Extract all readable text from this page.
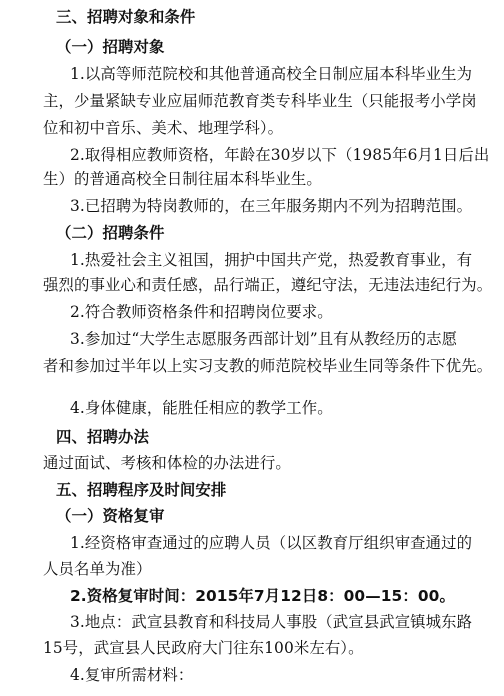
三、招聘对象和条件
（一）招聘对象
1.以高等师范院校和其他普通高校全日制应届本科毕业生为
主，少量紧缺专业应届师范教育类专科毕业生（只能报考小学岗
位和初中音乐、美术、地理学科）。
2.取得相应教师资格，年龄在30岁以下（1985年6月1日后出
生）的普通高校全日制往届本科毕业生。
3.已招聘为特岗教师的，在三年服务期内不列为招聘范围。
（二）招聘条件
1.热爱社会主义祖国，拥护中国共产党，热爱教育事业，有
强烈的事业心和责任感，品行端正，遵纪守法，无违法违纪行为。
2.符合教师资格条件和招聘岗位要求。
3.参加过“大学生志愿服务西部计划”且有从教经历的志愿
者和参加过半年以上实习支教的师范院校毕业生同等条件下优先。
4.身体健康，能胜任相应的教学工作。
四、招聘办法
通过面试、考核和体检的办法进行。
五、招聘程序及时间安排
（一）资格复审
1.经资格审查通过的应聘人员（以区教育厅组织审查通过的
人员名单为准）
2.资格复审时间：2015年7月12日8：00—15：00。
3.地点：武宣县教育和科技局人事股（武宣县武宣镇城东路
15号，武宣县人民政府大门往东100米左右）。
4.复审所需材料：
